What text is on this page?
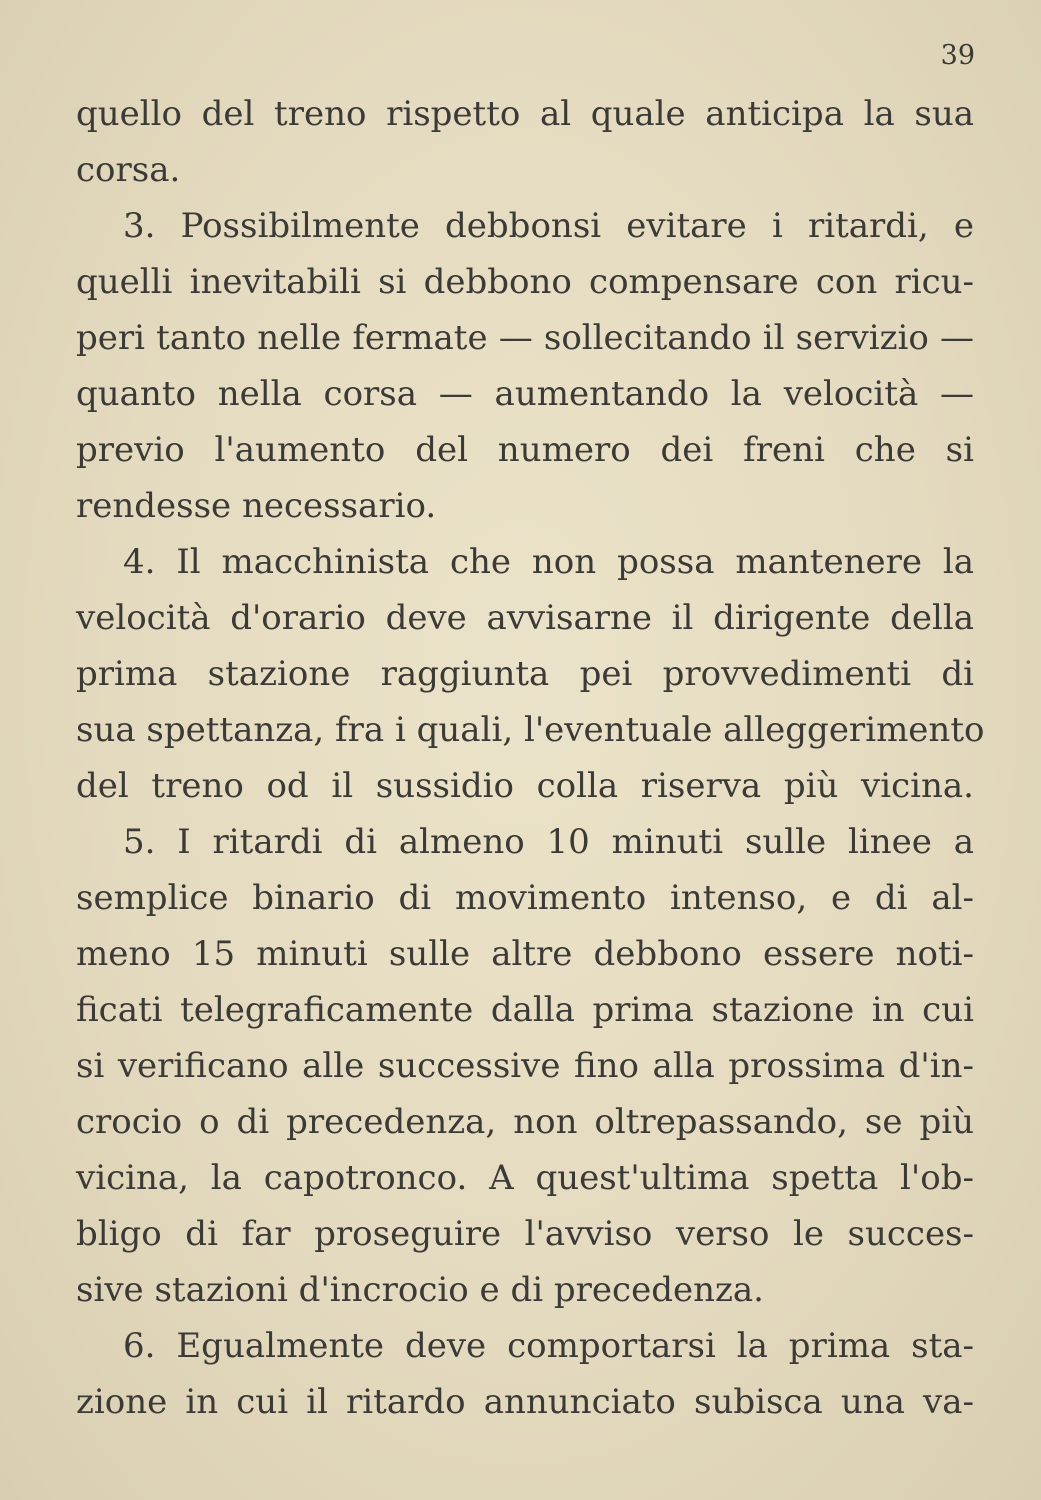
39
quello del treno rispetto al quale anticipa la sua
corsa.
3. Possibilmente debbonsi evitare i ritardi, e
quelli inevitabili si debbono compensare con ricu-
peri tanto nelle fermate — sollecitando il servizio —
quanto nella corsa — aumentando la velocità —
previo l'aumento del numero dei freni che si
rendesse necessario.
4. Il macchinista che non possa mantenere la
velocità d'orario deve avvisarne il dirigente della
prima stazione raggiunta pei provvedimenti di
sua spettanza, fra i quali, l'eventuale alleggerimento
del treno od il sussidio colla riserva più vicina.
5. I ritardi di almeno 10 minuti sulle linee a
semplice binario di movimento intenso, e di al-
meno 15 minuti sulle altre debbono essere noti-
ficati telegraficamente dalla prima stazione in cui
si verificano alle successive fino alla prossima d'in-
crocio o di precedenza, non oltrepassando, se più
vicina, la capotronco. A quest'ultima spetta l'ob-
bligo di far proseguire l'avviso verso le succes-
sive stazioni d'incrocio e di precedenza.
6. Egualmente deve comportarsi la prima sta-
zione in cui il ritardo annunciato subisca una va-
